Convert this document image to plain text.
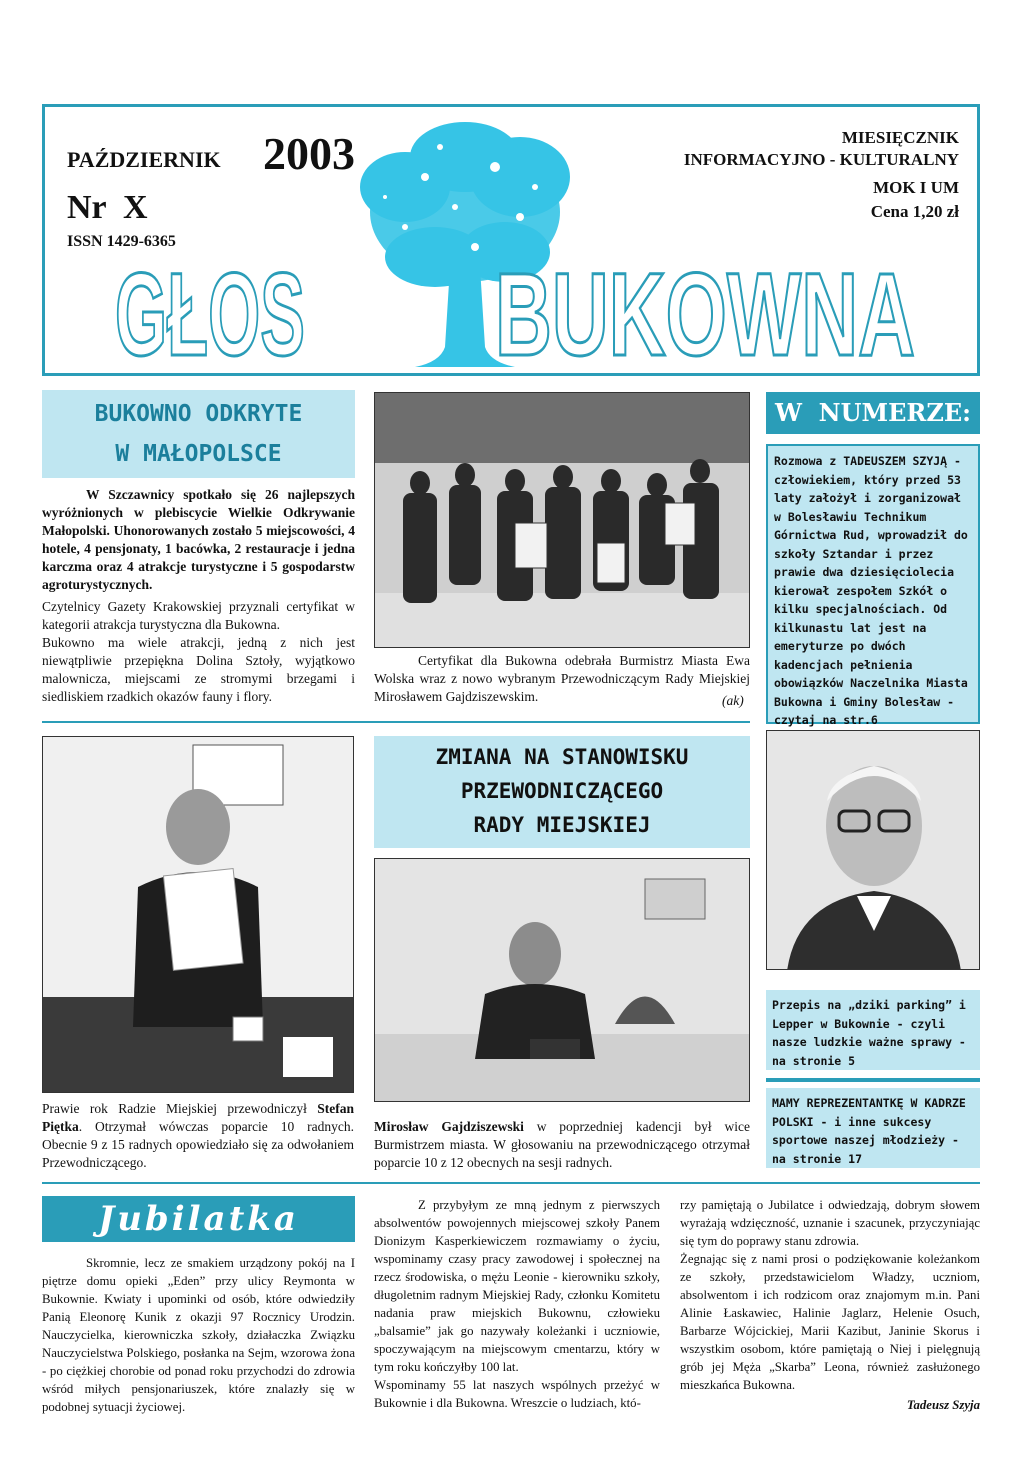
PAŹDZIERNIK 2003
Nr  X
ISSN 1429-6365
MIESIĘCZNIK
INFORMACYJNO - KULTURALNY
MOK I UM
Cena 1,20 zł
GŁOS BUKOWNA
BUKOWNO ODKRYTE
W MAŁOPOLSCE
W Szczawnicy spotkało się 26 najlepszych wyróżnionych w plebiscycie Wielkie Odkrywanie Małopolski. Uhonorowanych zostało 5 miejscowości, 4 hotele, 4 pensjonaty, 1 bacówka, 2 restauracje i jedna karczma oraz 4 atrakcje turystyczne i 5 gospodarstw agroturystycznych.
Czytelnicy Gazety Krakowskiej przyznali certyfikat w kategorii atrakcja turystyczna dla Bukowna.
Bukowno ma wiele atrakcji, jedną z nich jest niewątpliwie przepiękna Dolina Sztoły, wyjątkowo malownicza, miejscami ze stromymi brzegami i siedliskiem rzadkich okazów fauny i flory.
Certyfikat dla Bukowna odebrała Burmistrz Miasta Ewa Wolska wraz z nowo wybranym Przewodniczącym Rady Miejskiej Mirosławem Gajdziszewskim.	(ak)
W  NUMERZE:
Rozmowa z TADEUSZEM SZYJĄ - człowiekiem, który przed 53 laty założył i zorganizował w Bolesławiu Technikum Górnictwa Rud, wprowadził do szkoły Sztandar i przez prawie dwa dziesięciolecia kierował zespołem Szkół o kilku specjalnościach. Od kilkunastu lat jest na emeryturze po dwóch kadencjach pełnienia obowiązków Naczelnika Miasta Bukowna i Gminy Bolesław - czytaj na str.6
Przepis na „dziki parking” i Lepper w Bukownie - czyli nasze ludzkie ważne sprawy - na stronie 5
MAMY REPREZENTANTKĘ W KADRZE POLSKI - i inne sukcesy sportowe naszej młodzieży - na stronie 17
Prawie rok Radzie Miejskiej przewodniczył Stefan Piętka. Otrzymał wówczas poparcie 10 radnych. Obecnie 9 z 15 radnych opowiedziało się za odwołaniem Przewodniczącego.
ZMIANA NA STANOWISKU
PRZEWODNICZĄCEGO
RADY MIEJSKIEJ
Mirosław Gajdziszewski w poprzedniej kadencji był wice Burmistrzem miasta. W głosowaniu na przewodniczącego otrzymał poparcie 10 z 12 obecnych na sesji radnych.
Jubilatka
Skromnie, lecz ze smakiem urządzony pokój na I piętrze domu opieki „Eden” przy ulicy Reymonta w Bukownie. Kwiaty i upominki od osób, które odwiedziły Panią Eleonorę Kunik z okazji 97 Rocznicy Urodzin. Nauczycielka, kierowniczka szkoły, działaczka Związku Nauczycielstwa Polskiego, posłanka na Sejm, wzorowa żona - po ciężkiej chorobie od ponad roku przychodzi do zdrowia wśród miłych pensjonariuszek, które znalazły się w podobnej sytuacji życiowej.
Z przybyłym ze mną jednym z pierwszych absolwentów powojennych miejscowej szkoły Panem Dionizym Kasperkiewiczem rozmawiamy o życiu, wspominamy czasy pracy zawodowej i społecznej na rzecz środowiska, o mężu Leonie - kierowniku szkoły, długoletnim radnym Miejskiej Rady, członku Komitetu nadania praw miejskich Bukownu, człowieku „balsamie” jak go nazywały koleżanki i uczniowie, spoczywającym na miejscowym cmentarzu, który w tym roku kończyłby 100 lat.
Wspominamy 55 lat naszych wspólnych przeżyć w Bukownie i dla Bukowna. Wreszcie o ludziach, któ-
rzy pamiętają o Jubilatce i odwiedzają, dobrym słowem wyrażają wdzięczność, uznanie i szacunek, przyczyniając się tym do poprawy stanu zdrowia.
Żegnając się z nami prosi o podziękowanie koleżankom ze szkoły, przedstawicielom Władzy, uczniom, absolwentom i ich rodzicom oraz znajomym m.in. Pani Alinie Łaskawiec, Halinie Jaglarz, Helenie Osuch, Barbarze Wójcickiej, Marii Kazibut, Janinie Skorus i wszystkim osobom, które pamiętają o Niej i pielęgnują grób jej Męża „Skarba” Leona, również zasłużonego mieszkańca Bukowna.
Tadeusz Szyja
